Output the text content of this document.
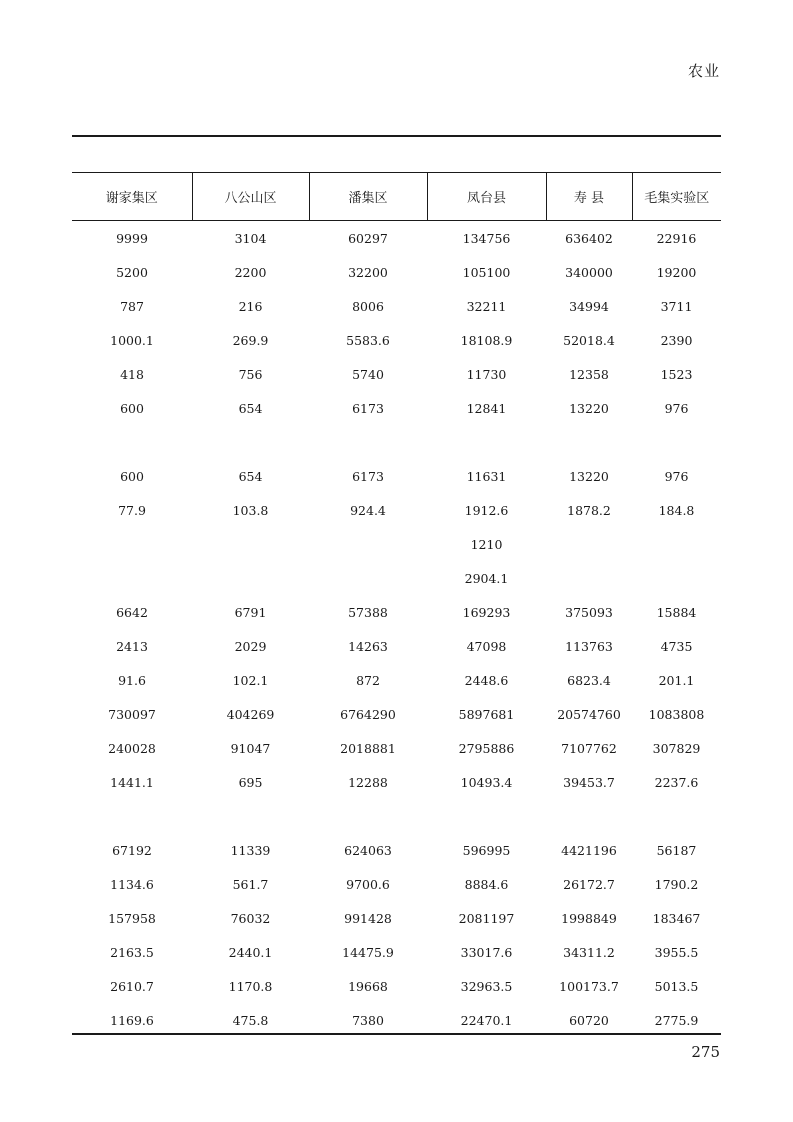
农业
谢家集区	八公山区	潘集区	凤台县	寿 县	毛集实验区
9999	3104	60297	134756	636402	22916
5200	2200	32200	105100	340000	19200
787	216	8006	32211	34994	3711
1000.1	269.9	5583.6	18108.9	52018.4	2390
418	756	5740	11730	12358	1523
600	654	6173	12841	13220	976

600	654	6173	11631	13220	976
77.9	103.8	924.4	1912.6	1878.2	184.8
			1210		
			2904.1		
6642	6791	57388	169293	375093	15884
2413	2029	14263	47098	113763	4735
91.6	102.1	872	2448.6	6823.4	201.1
730097	404269	6764290	5897681	20574760	1083808
240028	91047	2018881	2795886	7107762	307829
1441.1	695	12288	10493.4	39453.7	2237.6

67192	11339	624063	596995	4421196	56187
1134.6	561.7	9700.6	8884.6	26172.7	1790.2
157958	76032	991428	2081197	1998849	183467
2163.5	2440.1	14475.9	33017.6	34311.2	3955.5
2610.7	1170.8	19668	32963.5	100173.7	5013.5
1169.6	475.8	7380	22470.1	60720	2775.9
275
